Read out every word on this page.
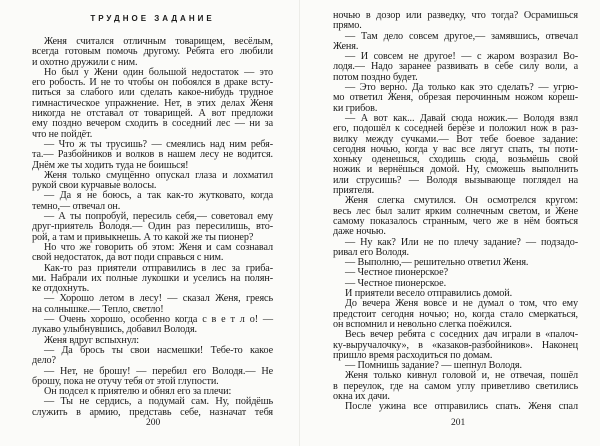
ТРУДНОЕ ЗАДАНИЕ
Женя считался отличным товарищем, весёлым,
всегда готовым помочь другому. Ребята его любили
и охотно дружили с ним.
Но был у Жени один большой недостаток — это
его робость. И не то чтобы он побоялся в драке всту-
питься за слабого или сделать какое-нибудь трудное
гимнастическое упражнение. Нет, в этих делах Женя
никогда не отставал от товарищей. А вот предложи
ему поздно вечером сходить в соседний лес — ни за
что не пойдёт.
— Что ж ты трусишь? — смеялись над ним ребя-
та.— Разбойников и волков в нашем лесу не водится.
Днём же ты ходить туда не боишься!
Женя только смущённо опускал глаза и лохматил
рукой свои курчавые волосы.
— Да я не боюсь, а так как-то жутковато, когда
темно,— отвечал он.
— А ты попробуй, пересиль себя,— советовал ему
друг-приятель Володя.— Один раз пересилишь, вто-
рой, а там и привыкнешь. А то какой же ты пионер?
Но что же говорить об этом: Женя и сам сознавал
свой недостаток, да вот поди справься с ним.
Как-то раз приятели отправились в лес за гриба-
ми. Набрали их полные лукошки и уселись на полян-
ке отдохнуть.
— Хорошо летом в лесу! — сказал Женя, греясь
на солнышке.— Тепло, светло!
— Очень хорошо, особенно когда с в е т л о! —
лукаво улыбнувшись, добавил Володя.
Женя вдруг вспыхнул:
— Да брось ты свои насмешки! Тебе-то какое
дело?
— Нет, не брошу! — перебил его Володя.— Не
брошу, пока не отучу тебя от этой глупости.
Он подсел к приятелю и обнял его за плечи:
— Ты не сердись, а подумай сам. Ну, пойдёшь
служить в армию, представь себе, назначат тебя
200
ночью в дозор или разведку, что тогда? Осрамишься
прямо.
— Там дело совсем другое,— замявшись, отвечал
Женя.
— И совсем не другое! — с жаром возразил Во-
лодя.— Надо заранее развивать в себе силу воли, а
потом поздно будет.
— Это верно. Да только как это сделать? — угрю-
мо ответил Женя, обрезая перочинным ножом кореш-
ки грибов.
— А вот как... Давай сюда ножик.— Володя взял
его, подошёл к соседней берёзе и положил нож в раз-
вилку между сучками.— Вот тебе боевое задание:
сегодня ночью, когда у вас все лягут спать, ты поти-
хоньку оденешься, сходишь сюда, возьмёшь свой
ножик и вернёшься домой. Ну, сможешь выполнить
или струсишь? — Володя вызывающе поглядел на
приятеля.
Женя слегка смутился. Он осмотрелся кругом:
весь лес был залит ярким солнечным светом, и Жене
самому показалось странным, чего же в нём бояться
даже ночью.
— Ну как? Или не по плечу задание? — подзадо-
ривал его Володя.
— Выполню,— решительно ответил Женя.
— Честное пионерское?
— Честное пионерское.
И приятели весело отправились домой.
До вечера Женя вовсе и не думал о том, что ему
предстоит сегодня ночью; но, когда стало смеркаться,
он вспомнил и невольно слегка поёжился.
Весь вечер ребята с соседних дач играли в «палоч-
ку-выручалочку», в «казаков-разбойников». Наконец
пришло время расходиться по домам.
— Помнишь задание? — шепнул Володя.
Женя только кивнул головой и, не отвечая, пошёл
в переулок, где на самом углу приветливо светились
окна их дачи.
После ужина все отправились спать. Женя спал
201
